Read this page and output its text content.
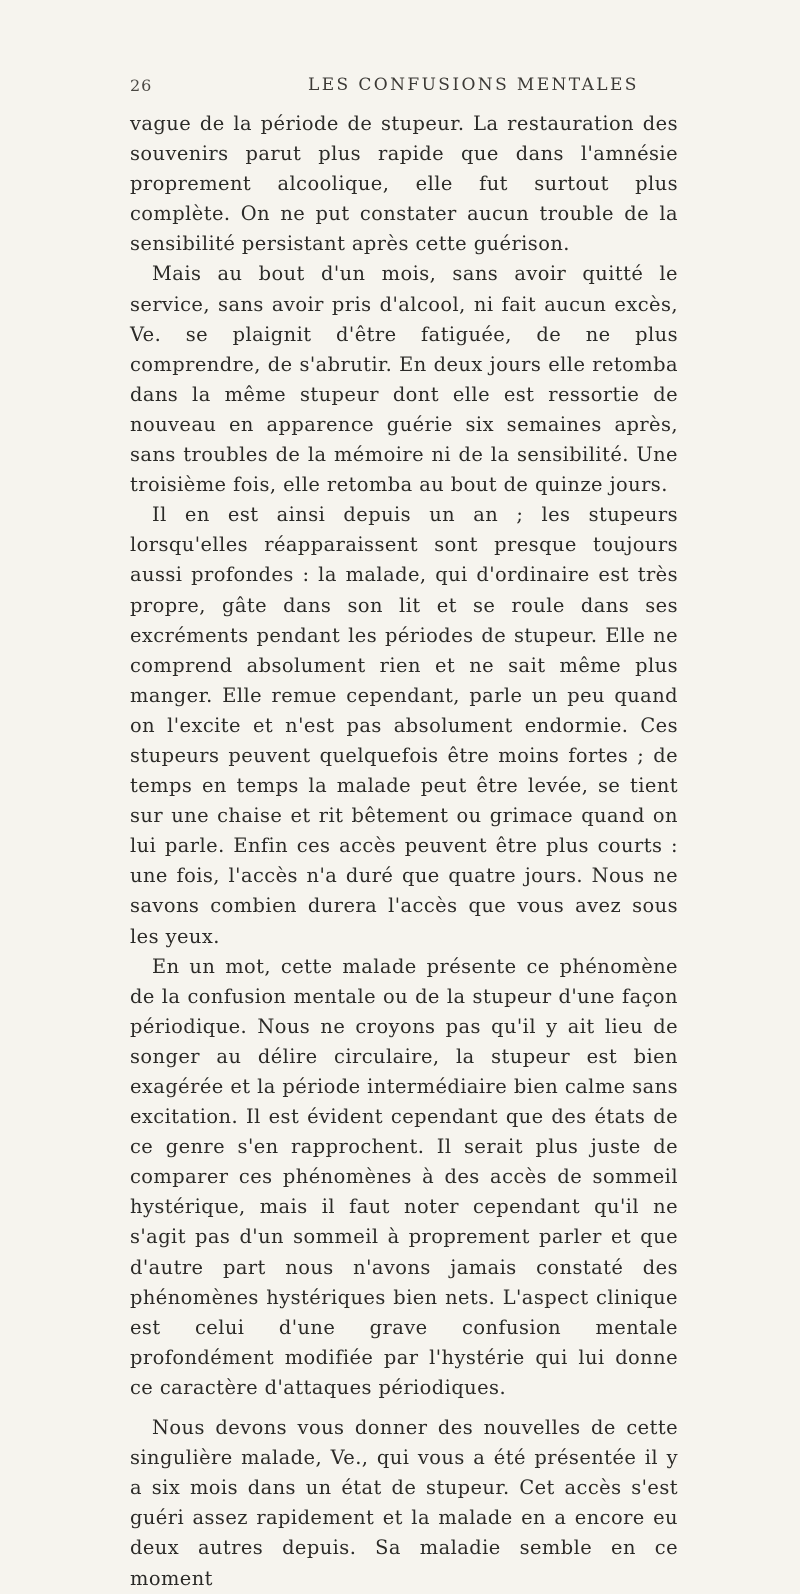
26	LES CONFUSIONS MENTALES

vague de la période de stupeur. La restauration des souvenirs parut plus rapide que dans l'amnésie proprement alcoolique, elle fut surtout plus complète. On ne put constater aucun trouble de la sensibilité persistant après cette guérison.

Mais au bout d'un mois, sans avoir quitté le service, sans avoir pris d'alcool, ni fait aucun excès, Ve. se plaignit d'être fatiguée, de ne plus comprendre, de s'abrutir. En deux jours elle retomba dans la même stupeur dont elle est ressortie de nouveau en apparence guérie six semaines après, sans troubles de la mémoire ni de la sensibilité. Une troisième fois, elle retomba au bout de quinze jours.

Il en est ainsi depuis un an ; les stupeurs lorsqu'elles réapparaissent sont presque toujours aussi profondes : la malade, qui d'ordinaire est très propre, gâte dans son lit et se roule dans ses excréments pendant les périodes de stupeur. Elle ne comprend absolument rien et ne sait même plus manger. Elle remue cependant, parle un peu quand on l'excite et n'est pas absolument endormie. Ces stupeurs peuvent quelquefois être moins fortes ; de temps en temps la malade peut être levée, se tient sur une chaise et rit bêtement ou grimace quand on lui parle. Enfin ces accès peuvent être plus courts : une fois, l'accès n'a duré que quatre jours. Nous ne savons combien durera l'accès que vous avez sous les yeux.

En un mot, cette malade présente ce phénomène de la confusion mentale ou de la stupeur d'une façon périodique. Nous ne croyons pas qu'il y ait lieu de songer au délire circulaire, la stupeur est bien exagérée et la période intermédiaire bien calme sans excitation. Il est évident cependant que des états de ce genre s'en rapprochent. Il serait plus juste de comparer ces phénomènes à des accès de sommeil hystérique, mais il faut noter cependant qu'il ne s'agit pas d'un sommeil à proprement parler et que d'autre part nous n'avons jamais constaté des phénomènes hystériques bien nets. L'aspect clinique est celui d'une grave confusion mentale profondément modifiée par l'hystérie qui lui donne ce caractère d'attaques périodiques.

Nous devons vous donner des nouvelles de cette singulière malade, Ve., qui vous a été présentée il y a six mois dans un état de stupeur. Cet accès s'est guéri assez rapidement et la malade en a encore eu deux autres depuis. Sa maladie semble en ce moment
